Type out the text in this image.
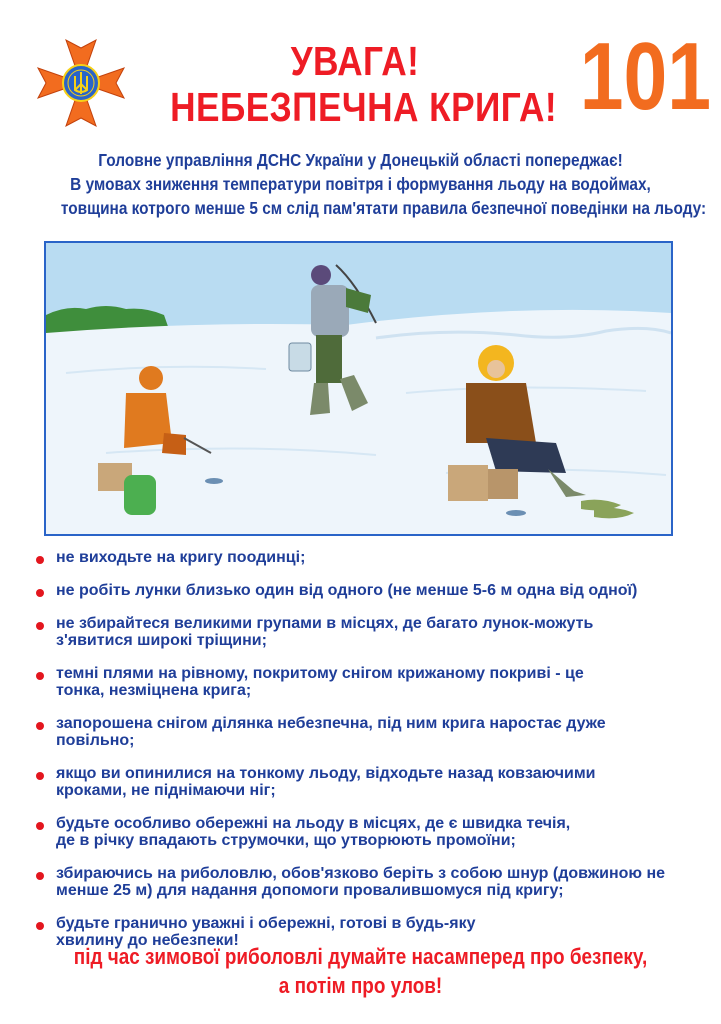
УВАГА!
НЕБЕЗПЕЧНА КРИГА! 101
Головне управління ДСНС України у Донецькій області попереджає!
В умовах зниження температури повітря і формування льоду на водоймах,
товщина котрого менше 5 см слід пам'ятати правила безпечної поведінки на льоду:
не виходьте на кригу поодинці;
не робіть лунки близько один від одного (не менше 5-6 м одна від одної)
не збирайтеся великими групами в місцях, де багато лунок-можуть
з'явитися широкі тріщини;
темні плями на рівному, покритому снігом крижаному покриві - це
тонка, незміцнена крига;
запорошена снігом ділянка небезпечна, під ним крига наростає дуже
повільно;
якщо ви опинилися на тонкому льоду, відходьте назад ковзаючими
кроками, не піднімаючи ніг;
будьте особливо обережні на льоду в місцях, де є швидка течія,
де в річку впадають струмочки, що утворюють промоїни;
збираючись на риболовлю, обов'язково беріть з собою шнур (довжиною не
менше 25 м) для надання допомоги провалившомуся під кригу;
будьте гранично уважні і обережні, готові в будь-яку
хвилину до небезпеки!
під час зимової риболовлі думайте насамперед про безпеку,
а потім про улов!
